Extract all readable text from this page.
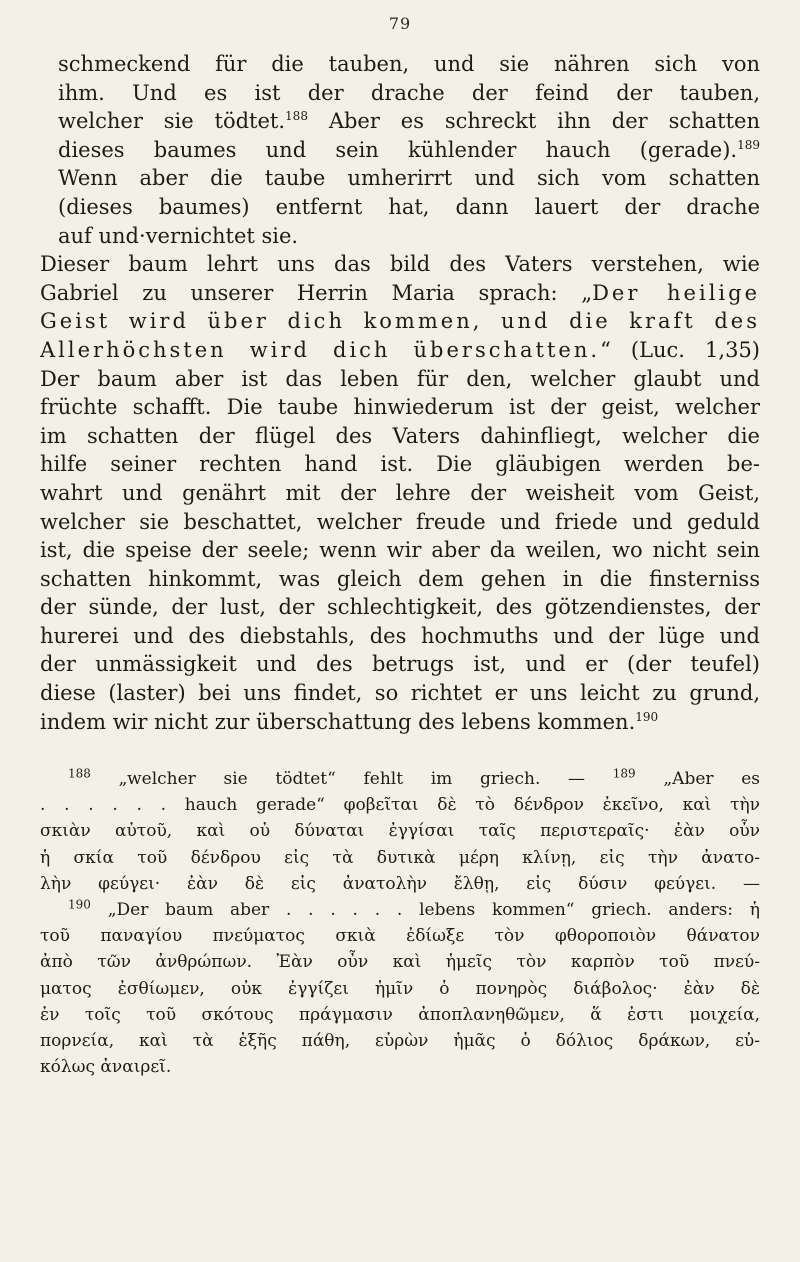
79
schmeckend für die tauben, und sie nähren sich von
ihm. Und es ist der drache der feind der tauben,
welcher sie tödtet.$^{188}$ Aber es schreckt ihn der schatten
dieses baumes und sein kühlender hauch (gerade).$^{189}$
Wenn aber die taube umherirrt und sich vom schatten
(dieses baumes) entfernt hat, dann lauert der drache
auf und·vernichtet sie.
Dieser baum lehrt uns das bild des Vaters verstehen, wie
Gabriel zu unserer Herrin Maria sprach: „Der heilige
Geist wird über dich kommen, und die kraft des
Allerhöchsten wird dich überschatten.“ (Luc. 1,35)
Der baum aber ist das leben für den, welcher glaubt und
früchte schafft. Die taube hinwiederum ist der geist, welcher
im schatten der flügel des Vaters dahinfliegt, welcher die
hilfe seiner rechten hand ist. Die gläubigen werden be-
wahrt und genährt mit der lehre der weisheit vom Geist,
welcher sie beschattet, welcher freude und friede und geduld
ist, die speise der seele; wenn wir aber da weilen, wo nicht sein
schatten hinkommt, was gleich dem gehen in die finsterniss
der sünde, der lust, der schlechtigkeit, des götzendienstes, der
hurerei und des diebstahls, des hochmuths und der lüge und
der unmässigkeit und des betrugs ist, und er (der teufel)
diese (laster) bei uns findet, so richtet er uns leicht zu grund,
indem wir nicht zur überschattung des lebens kommen.$^{190}$
$^{188}$ „welcher sie tödtet“ fehlt im griech. — $^{189}$ „Aber es
. . . . . . hauch gerade“ φοβεῖται δὲ τὸ δένδρον ἐκεῖνο, καὶ τὴν
σκιὰν αὐτοῦ, καὶ οὐ δύναται ἐγγίσαι ταῖς περιστεραῖς· ἐὰν οὖν
ἡ σκία τοῦ δένδρου εἰς τὰ δυτικὰ μέρη κλίνῃ, εἰς τὴν ἀνατο-
λὴν φεύγει· ἐὰν δὲ εἰς ἀνατολὴν ἔλθῃ, εἰς δύσιν φεύγει. —
$^{190}$ „Der baum aber . . . . . . lebens kommen“ griech. anders: ἡ
τοῦ παναγίου πνεύματος σκιὰ ἐδίωξε τὸν φθοροποιὸν θάνατον
ἀπὸ τῶν ἀνθρώπων. Ἐὰν οὖν καὶ ἡμεῖς τὸν καρπὸν τοῦ πνεύ-
ματος ἐσθίωμεν, οὐκ ἐγγίζει ἡμῖν ὁ πονηρὸς διάβολος· ἐὰν δὲ
ἐν τοῖς τοῦ σκότους πράγμασιν ἀποπλανηθῶμεν, ἅ ἐστι μοιχεία,
πορνεία, καὶ τὰ ἑξῆς πάθη, εὑρὼν ἡμᾶς ὁ δόλιος δράκων, εὐ-
κόλως ἀναιρεῖ.
